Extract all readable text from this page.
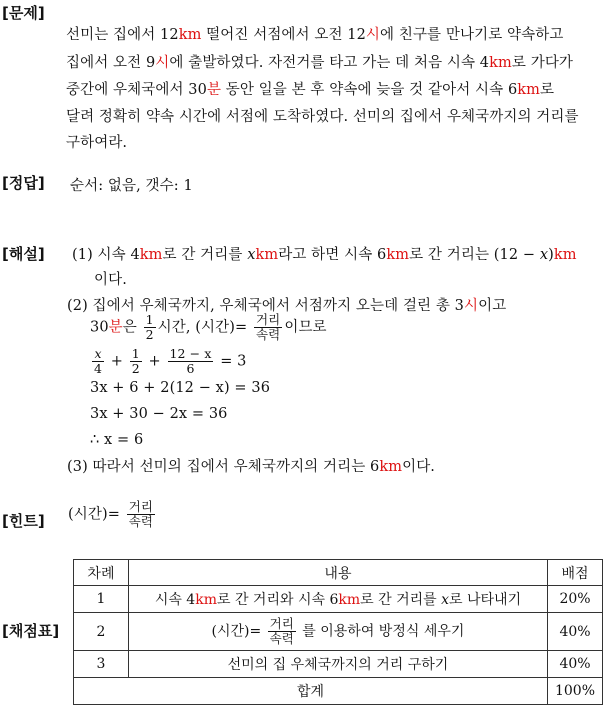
[문제]
[정답]
[해설]
[힌트]
[채점표]
선미는 집에서 12km 떨어진 서점에서 오전 12시에 친구를 만나기로 약속하고
집에서 오전 9시에 출발하였다. 자전거를 타고 가는 데 처음 시속 4km로 가다가
중간에 우체국에서 30분 동안 일을 본 후 약속에 늦을 것 같아서 시속 6km로
달려 정확히 약속 시간에 서점에 도착하였다. 선미의 집에서 우체국까지의 거리를
구하여라.
순서: 없음, 갯수: 1
(1) 시속 4km로 간 거리를 xkm라고 하면 시속 6km로 간 거리는 (12 − x)km
이다.
(2) 집에서 우체국까지, 우체국에서 서점까지 오는데 걸린 총 3시이고
30분은 $\frac{1}{2}$ 시간, (시간)= $\frac{\text{거리}}{\text{속력}}$ 이므로
$\frac{x}{4} + \frac{1}{2} + \frac{12 - x}{6} = 3$
3x + 6 + 2(12 − x) = 36
3x + 30 − 2x = 36
∴ x = 6
(3) 따라서 선미의 집에서 우체국까지의 거리는 6km이다.
(시간)= $\frac{\text{거리}}{\text{속력}}$
차례	내용	배점
1	시속 4km로 간 거리와 시속 6km로 간 거리를 x로 나타내기	20%
2	(시간)= $\frac{\text{거리}}{\text{속력}}$ 를 이용하여 방정식 세우기	40%
3	선미의 집 우체국까지의 거리 구하기	40%
합계		100%
